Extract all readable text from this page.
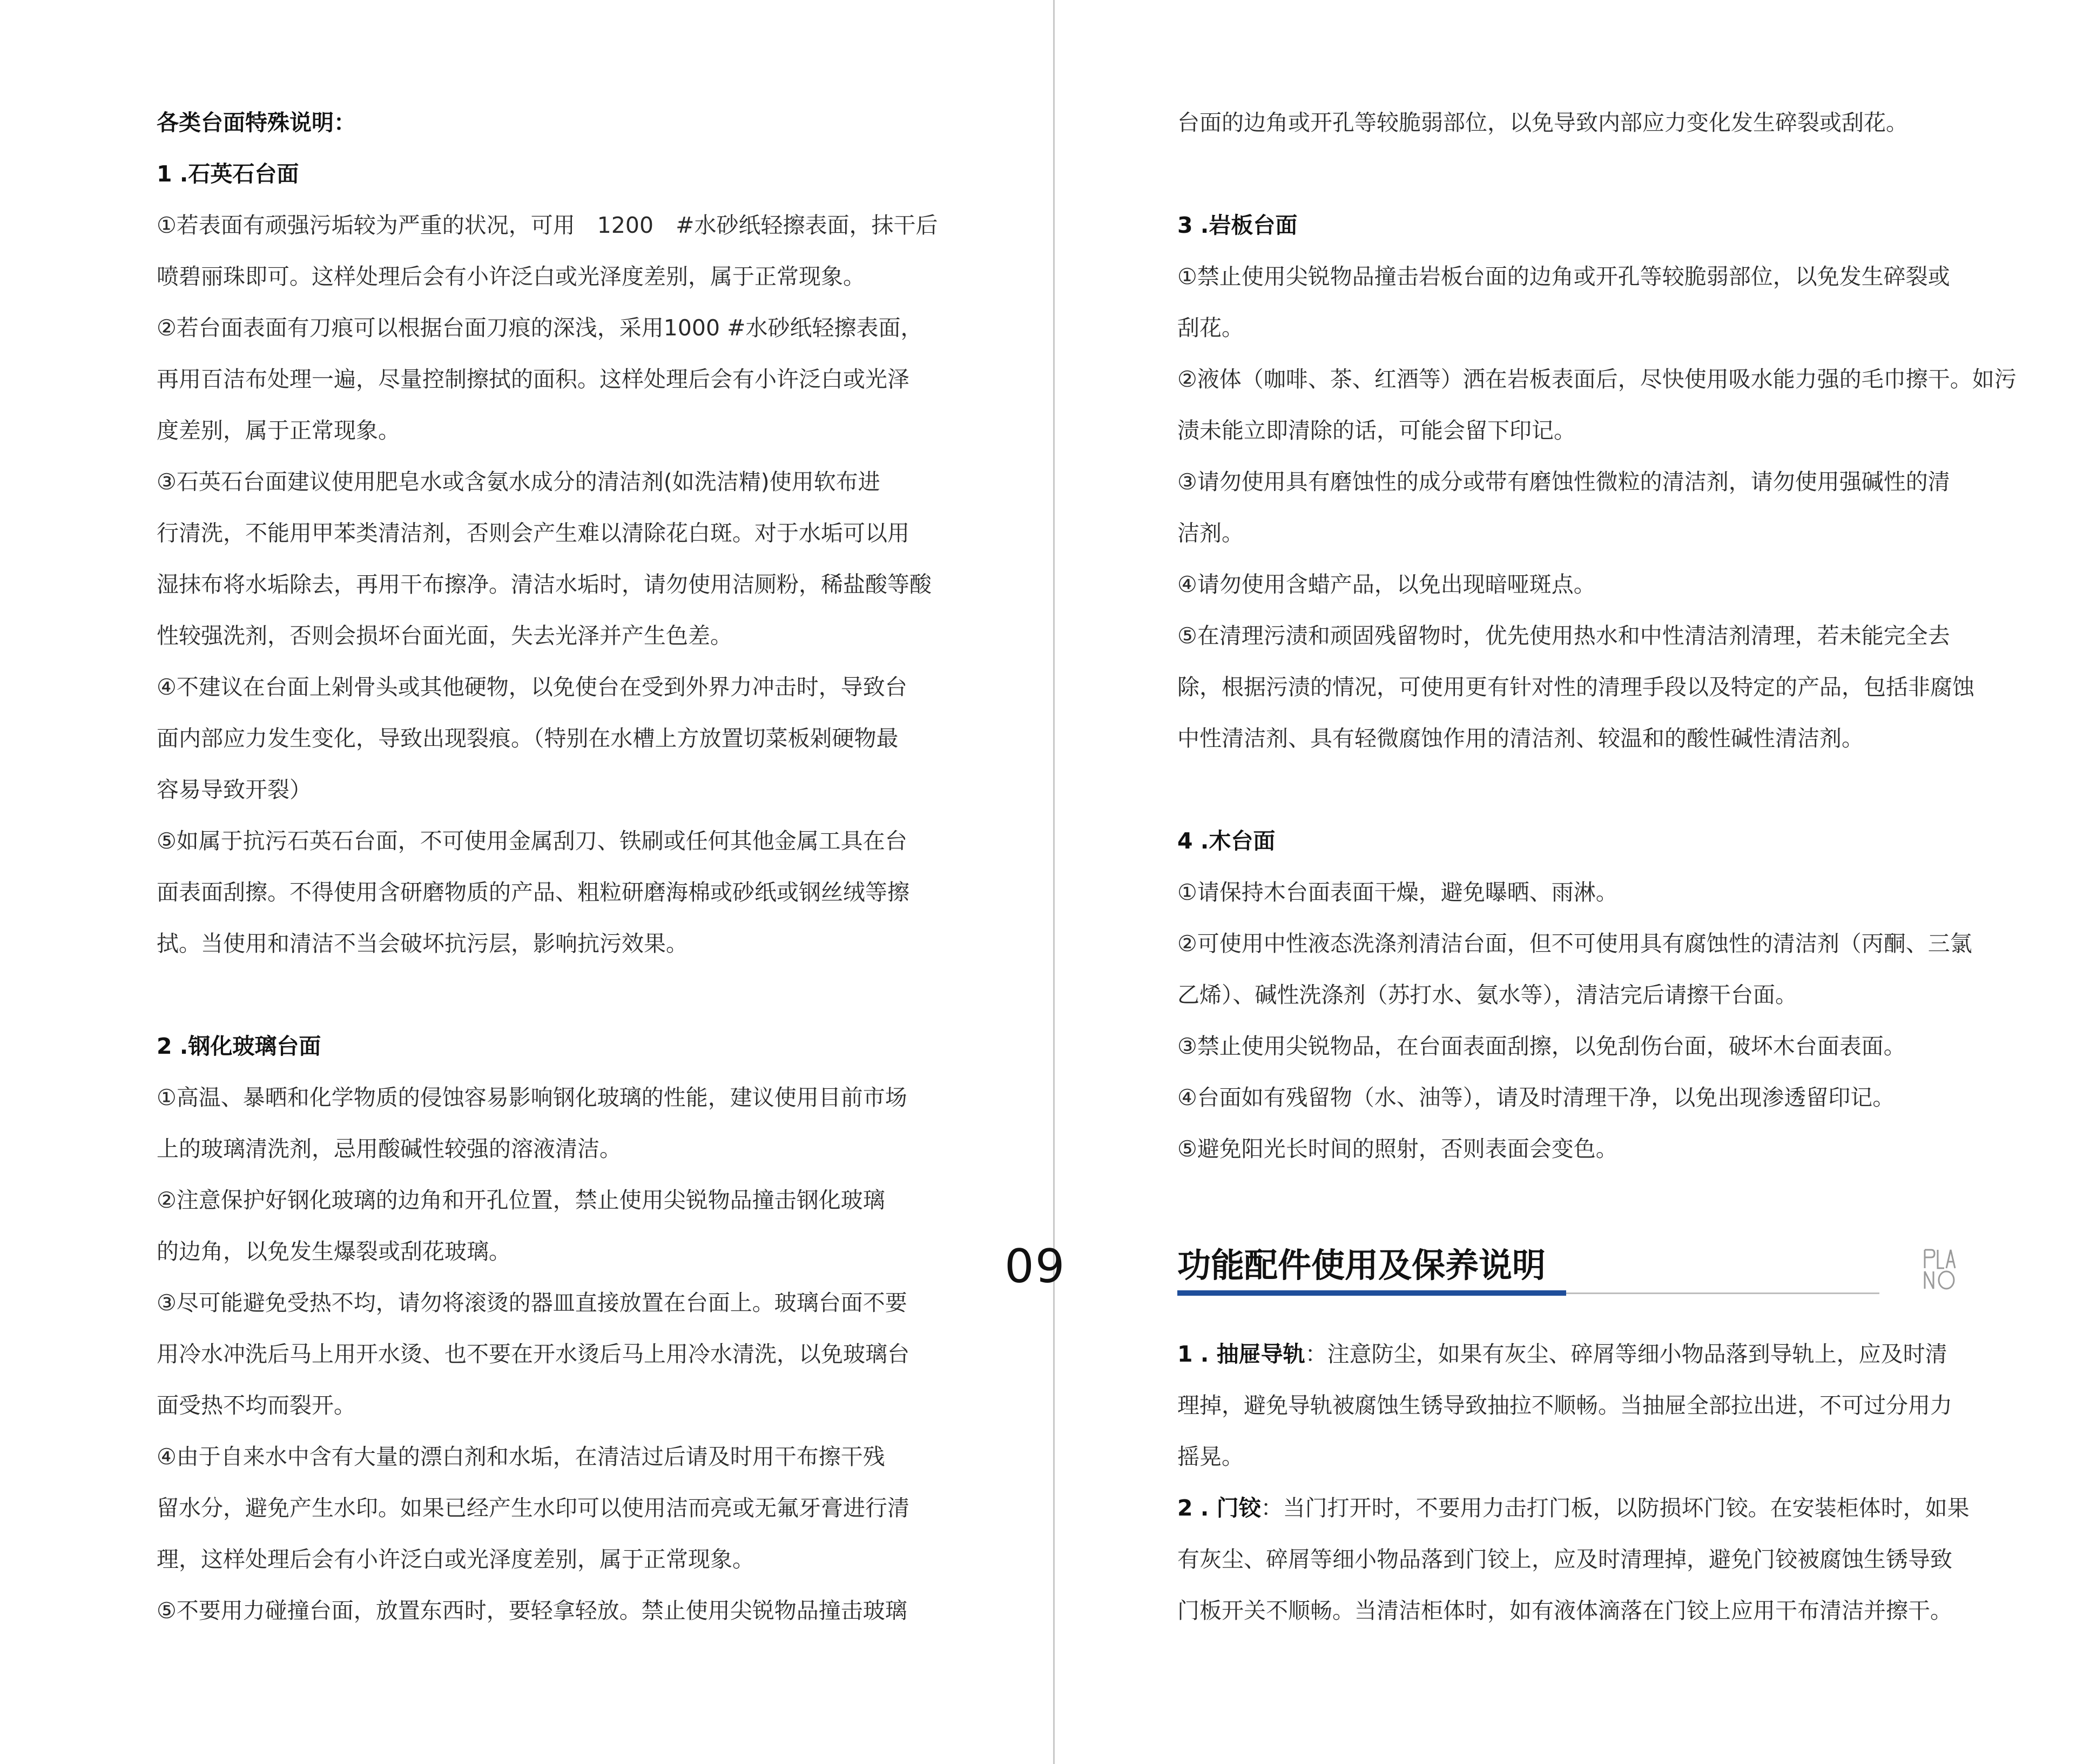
各类台面特殊说明：

1 .石英石台面

①若表面有顽强污垢较为严重的状况，可用　1200　#水砂纸轻擦表面，抹干后

喷碧丽珠即可。这样处理后会有小许泛白或光泽度差别，属于正常现象。

②若台面表面有刀痕可以根据台面刀痕的深浅，采用1000 #水砂纸轻擦表面，

再用百洁布处理一遍，尽量控制擦拭的面积。这样处理后会有小许泛白或光泽

度差别，属于正常现象。

③石英石台面建议使用肥皂水或含氨水成分的清洁剂(如洗洁精)使用软布进

行清洗，不能用甲苯类清洁剂，否则会产生难以清除花白斑。对于水垢可以用

湿抹布将水垢除去，再用干布擦净。清洁水垢时，请勿使用洁厕粉，稀盐酸等酸

性较强洗剂，否则会损坏台面光面，失去光泽并产生色差。

④不建议在台面上剁骨头或其他硬物，以免使台在受到外界力冲击时，导致台

面内部应力发生变化，导致出现裂痕。（特别在水槽上方放置切菜板剁硬物最

容易导致开裂）

⑤如属于抗污石英石台面，不可使用金属刮刀、铁刷或任何其他金属工具在台

面表面刮擦。不得使用含研磨物质的产品、粗粒研磨海棉或砂纸或钢丝绒等擦

拭。当使用和清洁不当会破坏抗污层，影响抗污效果。

2 .钢化玻璃台面

①高温、暴晒和化学物质的侵蚀容易影响钢化玻璃的性能，建议使用目前市场

上的玻璃清洗剂，忌用酸碱性较强的溶液清洁。

②注意保护好钢化玻璃的边角和开孔位置，禁止使用尖锐物品撞击钢化玻璃

的边角，以免发生爆裂或刮花玻璃。

③尽可能避免受热不均，请勿将滚烫的器皿直接放置在台面上。玻璃台面不要

用冷水冲洗后马上用开水烫、也不要在开水烫后马上用冷水清洗，以免玻璃台

面受热不均而裂开。

④由于自来水中含有大量的漂白剂和水垢，在清洁过后请及时用干布擦干残

留水分，避免产生水印。如果已经产生水印可以使用洁而亮或无氟牙膏进行清

理，这样处理后会有小许泛白或光泽度差别，属于正常现象。

⑤不要用力碰撞台面，放置东西时，要轻拿轻放。禁止使用尖锐物品撞击玻璃

台面的边角或开孔等较脆弱部位，以免导致内部应力变化发生碎裂或刮花。

3 .岩板台面

①禁止使用尖锐物品撞击岩板台面的边角或开孔等较脆弱部位，以免发生碎裂或

刮花。

②液体（咖啡、茶、红酒等）洒在岩板表面后，尽快使用吸水能力强的毛巾擦干。如污

渍未能立即清除的话，可能会留下印记。

③请勿使用具有磨蚀性的成分或带有磨蚀性微粒的清洁剂，请勿使用强碱性的清

洁剂。

④请勿使用含蜡产品，以免出现暗哑斑点。

⑤在清理污渍和顽固残留物时，优先使用热水和中性清洁剂清理，若未能完全去

除，根据污渍的情况，可使用更有针对性的清理手段以及特定的产品，包括非腐蚀

中性清洁剂、具有轻微腐蚀作用的清洁剂、较温和的酸性碱性清洁剂。

4 .木台面

①请保持木台面表面干燥，避免曝晒、雨淋。

②可使用中性液态洗涤剂清洁台面，但不可使用具有腐蚀性的清洁剂（丙酮、三氯

乙烯）、碱性洗涤剂（苏打水、氨水等），清洁完后请擦干台面。

③禁止使用尖锐物品，在台面表面刮擦，以免刮伤台面，破坏木台面表面。

④台面如有残留物（水、油等），请及时清理干净，以免出现渗透留印记。

⑤避免阳光长时间的照射，否则表面会变色。

1 . 抽屉导轨：注意防尘，如果有灰尘、碎屑等细小物品落到导轨上，应及时清

理掉，避免导轨被腐蚀生锈导致抽拉不顺畅。当抽屉全部拉出进，不可过分用力

摇晃。

2 . 门铰：当门打开时，不要用力击打门板，以防损坏门铰。在安装柜体时，如果

有灰尘、碎屑等细小物品落到门铰上，应及时清理掉，避免门铰被腐蚀生锈导致

门板开关不顺畅。当清洁柜体时，如有液体滴落在门铰上应用干布清洁并擦干。

09	功能配件使用及保养说明
